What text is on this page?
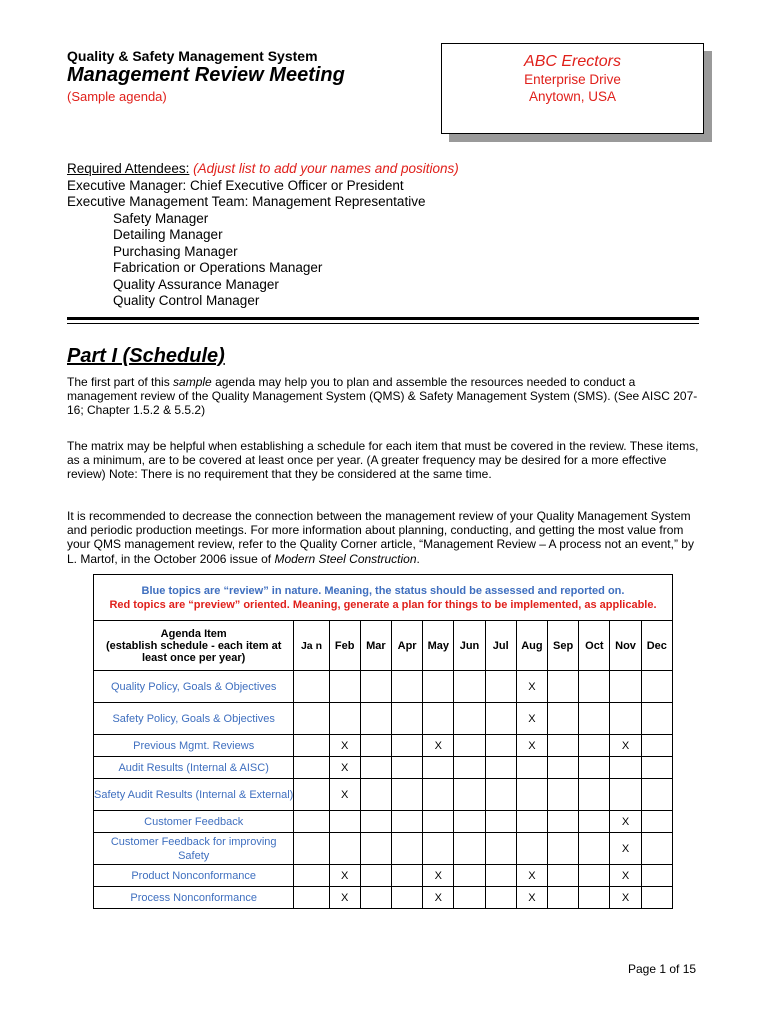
Quality & Safety Management System
Management Review Meeting
(Sample agenda)
ABC Erectors
Enterprise Drive
Anytown, USA
Required Attendees: (Adjust list to add your names and positions)
Executive Manager: Chief Executive Officer or President
Executive Management Team: Management Representative
Safety Manager
Detailing Manager
Purchasing Manager
Fabrication or Operations Manager
Quality Assurance Manager
Quality Control Manager
Part I (Schedule)
The first part of this sample agenda may help you to plan and assemble the resources needed to conduct a management review of the Quality Management System (QMS) & Safety Management System (SMS). (See AISC 207-16; Chapter 1.5.2 & 5.5.2)
The matrix may be helpful when establishing a schedule for each item that must be covered in the review. These items, as a minimum, are to be covered at least once per year. (A greater frequency may be desired for a more effective review) Note: There is no requirement that they be considered at the same time.
It is recommended to decrease the connection between the management review of your Quality Management System and periodic production meetings. For more information about planning, conducting, and getting the most value from your QMS management review, refer to the Quality Corner article, “Management Review – A process not an event,” by L. Martof, in the October 2006 issue of Modern Steel Construction.
Blue topics are “review” in nature. Meaning, the status should be assessed and reported on.
Red topics are “preview” oriented. Meaning, generate a plan for things to be implemented, as applicable.												

Agenda Item
(establish schedule - each item at least once per year)	Ja n	Feb	Mar	Apr	May	Jun	Jul	Aug	Sep	Oct	Nov	Dec
Quality Policy, Goals & Objectives								X				
Safety Policy, Goals & Objectives								X				
Previous Mgmt. Reviews		X			X			X			X	
Audit Results (Internal & AISC)		X										
Safety Audit Results (Internal & External)		X										
Customer Feedback											X	
Customer Feedback for improving Safety											X	
Product Nonconformance		X			X			X			X	
Process Nonconformance		X			X			X			X	
Page 1 of 15
